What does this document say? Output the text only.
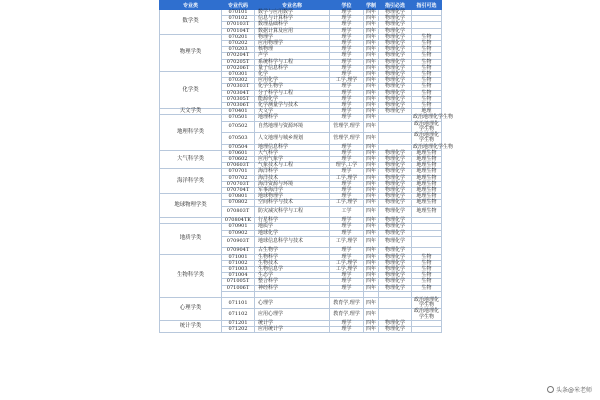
专业类	专业代码	专业名称	学位	学制	指引必选	指引可选
数学类	070101	数学与应用数学	理学	四年	物理化学	
	070102	信息与计算科学	理学	四年	物理化学	
	070103T	数理基础科学	理学	四年	物理化学	
	070104T	数据计算及应用	理学	四年	物理化学	
物理学类	070201	物理学	理学	四年	物理化学	生物
	070202	应用物理学	理学	四年	物理化学	生物
	070203	核物理	理学	四年	物理化学	生物
	070204T	声学	理学	四年	物理化学	生物
	070205T	系统科学与工程	理学	四年	物理化学	生物
	070206T	量子信息科学	理学	四年	物理化学	生物
化学类	070301	化学	理学	四年	物理化学	生物
	070302	应用化学	工学,理学	四年	物理化学	生物
	070303T	化学生物学	理学	四年	物理化学	生物
	070304T	分子科学与工程	理学	四年	物理化学	生物
	070305T	能源化学	理学	四年	物理化学	生物
	070306T	化学测量学与技术	理学	四年	物理化学	生物
天文学类	070401	天文学	理学	四年	物理化学	地理
地理科学类	070501	地理科学	理学	四年		政治地理化学生物
	070502	自然地理与资源环境	管理学,理学	四年		政治地理化学生物
	070503	人文地理与城乡规划	管理学,理学	四年		政治地理化学生物
	070504	地理信息科学	理学	四年		政治地理化学生物
大气科学类	070601	大气科学	理学	四年	物理化学	地理生物
	070602	应用气象学	理学	四年	物理化学	地理生物
	070603T	气象技术与工程	理学,工学	四年	物理化学	地理生物
海洋科学类	070701	海洋科学	理学	四年	物理化学	地理生物
	070702	海洋技术	工学,理学	四年	物理化学	地理生物
	070703T	海洋资源与环境	理学	四年	物理化学	地理生物
	070704T	军事海洋学	理学	四年	物理化学	地理生物
地球物理学类	070801	地球物理学	理学	四年	物理化学	地理生物
	070802	空间科学与技术	工学,理学	四年	物理化学	地理生物
	070803T	防灾减灾科学与工程	工学	四年	物理化学	地理生物
	070804TK	行星科学	理学	四年	物理化学	
地质学类	070901	地质学	理学	四年	物理化学	
	070902	地球化学	理学	四年	物理化学	
	070903T	地球信息科学与技术	工学,理学	四年	物理化学	
	070904T	古生物学	理学	四年	物理化学	
生物科学类	071001	生物科学	理学	四年	物理化学	生物
	071002	生物技术	工学,理学	四年	物理化学	生物
	071003	生物信息学	工学,理学	四年	物理化学	生物
	071004	生态学	理学	四年	物理化学	生物
	071005T	整合科学	理学	四年	物理化学	生物
	071006T	神经科学	理学	四年	物理化学	生物

心理学类	071101	心理学	教育学,理学	四年		政治地理化学生物
	071102	应用心理学	教育学,理学	四年		政治地理化学生物
统计学类	071201	统计学	理学	四年	物理化学	
	071202	应用统计学	理学	四年	物理化学	
头条@米老师
